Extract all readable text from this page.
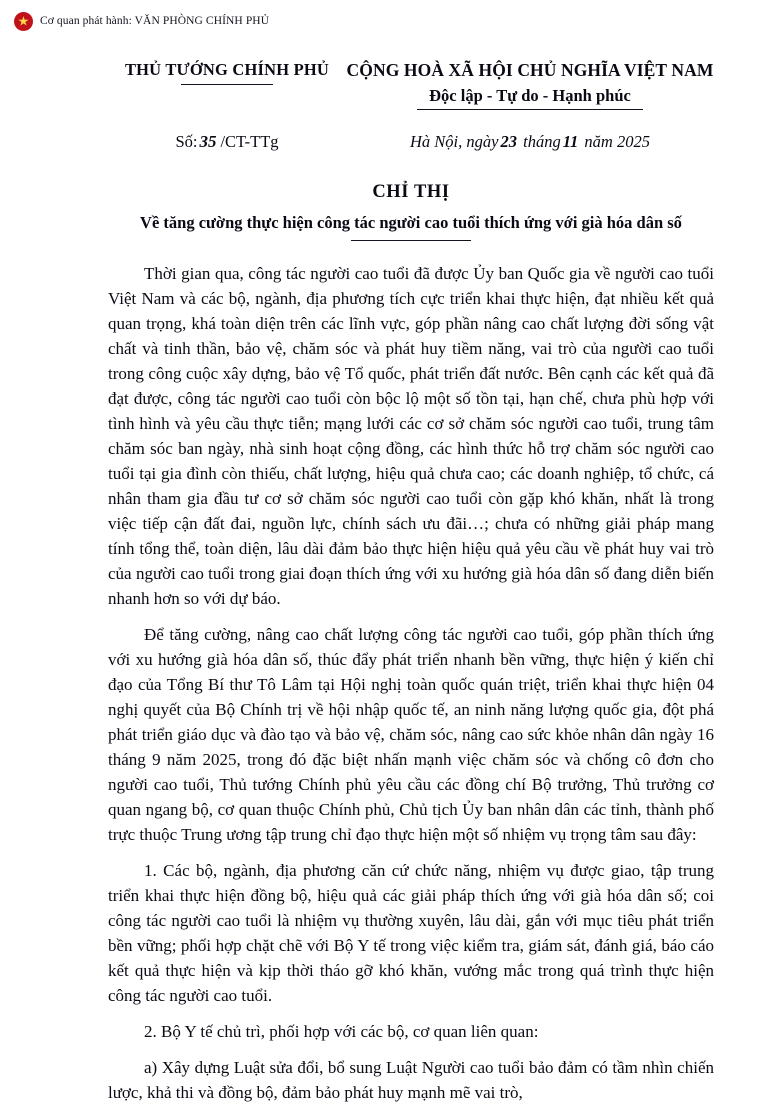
★ Cơ quan phát hành: VĂN PHÒNG CHÍNH PHỦ
THỦ TƯỚNG CHÍNH PHỦ	CỘNG HOÀ XÃ HỘI CHỦ NGHĨA VIỆT NAM
Độc lập - Tự do - Hạnh phúc
Số: 35 /CT-TTg	Hà Nội, ngày 23 tháng 11 năm 2025
CHỈ THỊ
Về tăng cường thực hiện công tác người cao tuổi thích ứng với già hóa dân số

Thời gian qua, công tác người cao tuổi đã được Ủy ban Quốc gia về người cao tuổi Việt Nam và các bộ, ngành, địa phương tích cực triển khai thực hiện, đạt nhiều kết quả quan trọng, khá toàn diện trên các lĩnh vực, góp phần nâng cao chất lượng đời sống vật chất và tinh thần, bảo vệ, chăm sóc và phát huy tiềm năng, vai trò của người cao tuổi trong công cuộc xây dựng, bảo vệ Tổ quốc, phát triển đất nước. Bên cạnh các kết quả đã đạt được, công tác người cao tuổi còn bộc lộ một số tồn tại, hạn chế, chưa phù hợp với tình hình và yêu cầu thực tiễn; mạng lưới các cơ sở chăm sóc người cao tuổi, trung tâm chăm sóc ban ngày, nhà sinh hoạt cộng đồng, các hình thức hỗ trợ chăm sóc người cao tuổi tại gia đình còn thiếu, chất lượng, hiệu quả chưa cao; các doanh nghiệp, tổ chức, cá nhân tham gia đầu tư cơ sở chăm sóc người cao tuổi còn gặp khó khăn, nhất là trong việc tiếp cận đất đai, nguồn lực, chính sách ưu đãi…; chưa có những giải pháp mang tính tổng thể, toàn diện, lâu dài đảm bảo thực hiện hiệu quả yêu cầu về phát huy vai trò của người cao tuổi trong giai đoạn thích ứng với xu hướng già hóa dân số đang diễn biến nhanh hơn so với dự báo.

Để tăng cường, nâng cao chất lượng công tác người cao tuổi, góp phần thích ứng với xu hướng già hóa dân số, thúc đẩy phát triển nhanh bền vững, thực hiện ý kiến chỉ đạo của Tổng Bí thư Tô Lâm tại Hội nghị toàn quốc quán triệt, triển khai thực hiện 04 nghị quyết của Bộ Chính trị về hội nhập quốc tế, an ninh năng lượng quốc gia, đột phá phát triển giáo dục và đào tạo và bảo vệ, chăm sóc, nâng cao sức khỏe nhân dân ngày 16 tháng 9 năm 2025, trong đó đặc biệt nhấn mạnh việc chăm sóc và chống cô đơn cho người cao tuổi, Thủ tướng Chính phủ yêu cầu các đồng chí Bộ trưởng, Thủ trưởng cơ quan ngang bộ, cơ quan thuộc Chính phủ, Chủ tịch Ủy ban nhân dân các tỉnh, thành phố trực thuộc Trung ương tập trung chỉ đạo thực hiện một số nhiệm vụ trọng tâm sau đây:

1. Các bộ, ngành, địa phương căn cứ chức năng, nhiệm vụ được giao, tập trung triển khai thực hiện đồng bộ, hiệu quả các giải pháp thích ứng với già hóa dân số; coi công tác người cao tuổi là nhiệm vụ thường xuyên, lâu dài, gắn với mục tiêu phát triển bền vững; phối hợp chặt chẽ với Bộ Y tế trong việc kiểm tra, giám sát, đánh giá, báo cáo kết quả thực hiện và kịp thời tháo gỡ khó khăn, vướng mắc trong quá trình thực hiện công tác người cao tuổi.

2. Bộ Y tế chủ trì, phối hợp với các bộ, cơ quan liên quan:

a) Xây dựng Luật sửa đổi, bổ sung Luật Người cao tuổi bảo đảm có tầm nhìn chiến lược, khả thi và đồng bộ, đảm bảo phát huy mạnh mẽ vai trò,
